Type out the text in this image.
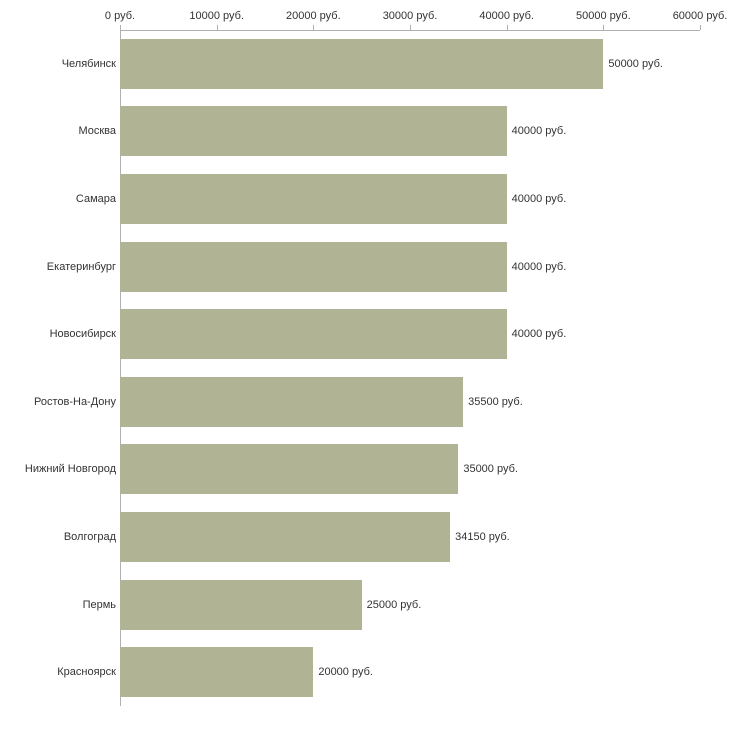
0 руб.	10000 руб.	20000 руб.	30000 руб.	40000 руб.	50000 руб.	60000 руб.
Челябинск	50000 руб.
Москва	40000 руб.
Самара	40000 руб.
Екатеринбург	40000 руб.
Новосибирск	40000 руб.
Ростов-На-Дону	35500 руб.
Нижний Новгород	35000 руб.
Волгоград	34150 руб.
Пермь	25000 руб.
Красноярск	20000 руб.
